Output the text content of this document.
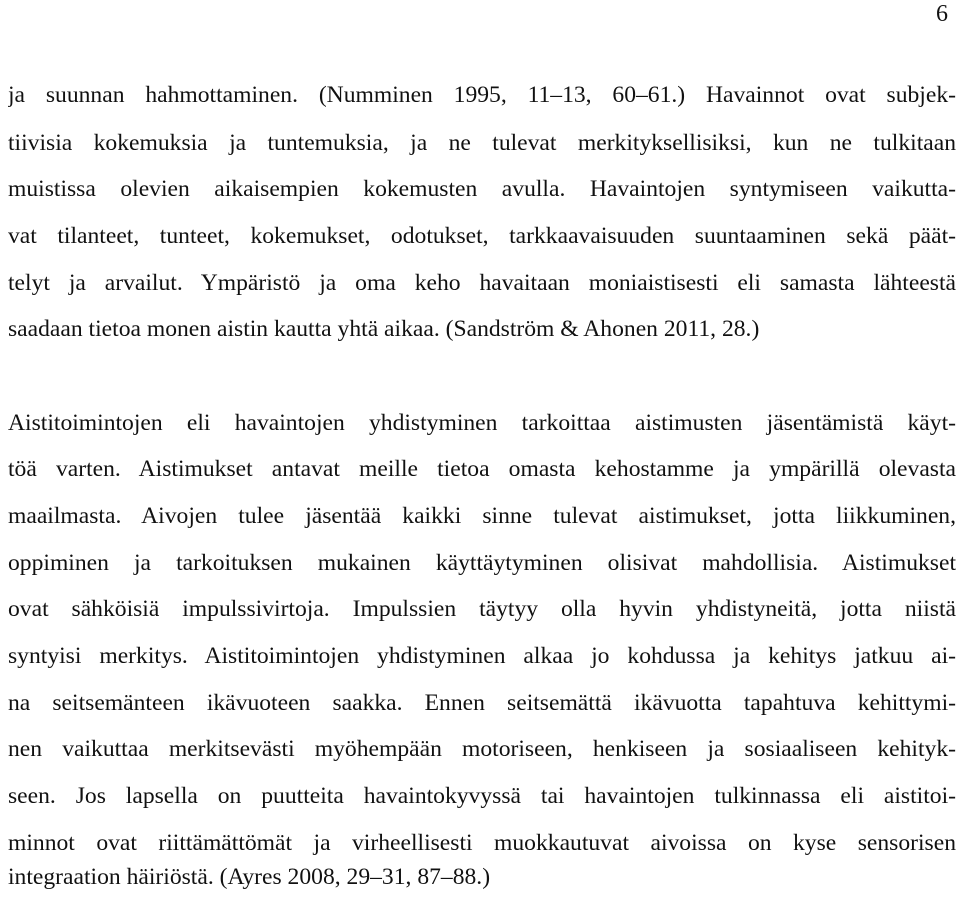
6
ja suunnan hahmottaminen. (Numminen 1995, 11–13, 60–61.) Havainnot ovat subjek-
tiivisia kokemuksia ja tuntemuksia, ja ne tulevat merkityksellisiksi, kun ne tulkitaan
muistissa olevien aikaisempien kokemusten avulla. Havaintojen syntymiseen vaikutta-
vat tilanteet, tunteet, kokemukset, odotukset, tarkkaavaisuuden suuntaaminen sekä päät-
telyt ja arvailut. Ympäristö ja oma keho havaitaan moniaistisesti eli samasta lähteestä
saadaan tietoa monen aistin kautta yhtä aikaa. (Sandström & Ahonen 2011, 28.)
Aistitoimintojen eli havaintojen yhdistyminen tarkoittaa aistimusten jäsentämistä käyt-
töä varten. Aistimukset antavat meille tietoa omasta kehostamme ja ympärillä olevasta
maailmasta. Aivojen tulee jäsentää kaikki sinne tulevat aistimukset, jotta liikkuminen,
oppiminen ja tarkoituksen mukainen käyttäytyminen olisivat mahdollisia. Aistimukset
ovat sähköisiä impulssivirtoja. Impulssien täytyy olla hyvin yhdistyneitä, jotta niistä
syntyisi merkitys. Aistitoimintojen yhdistyminen alkaa jo kohdussa ja kehitys jatkuu ai-
na seitsemänteen ikävuoteen saakka. Ennen seitsemättä ikävuotta tapahtuva kehittymi-
nen vaikuttaa merkitsevästi myöhempään motoriseen, henkiseen ja sosiaaliseen kehityk-
seen. Jos lapsella on puutteita havaintokyvyssä tai havaintojen tulkinnassa eli aistitoi-
minnot ovat riittämättömät ja virheellisesti muokkautuvat aivoissa on kyse sensorisen
integraation häiriöstä. (Ayres 2008, 29–31, 87–88.)
